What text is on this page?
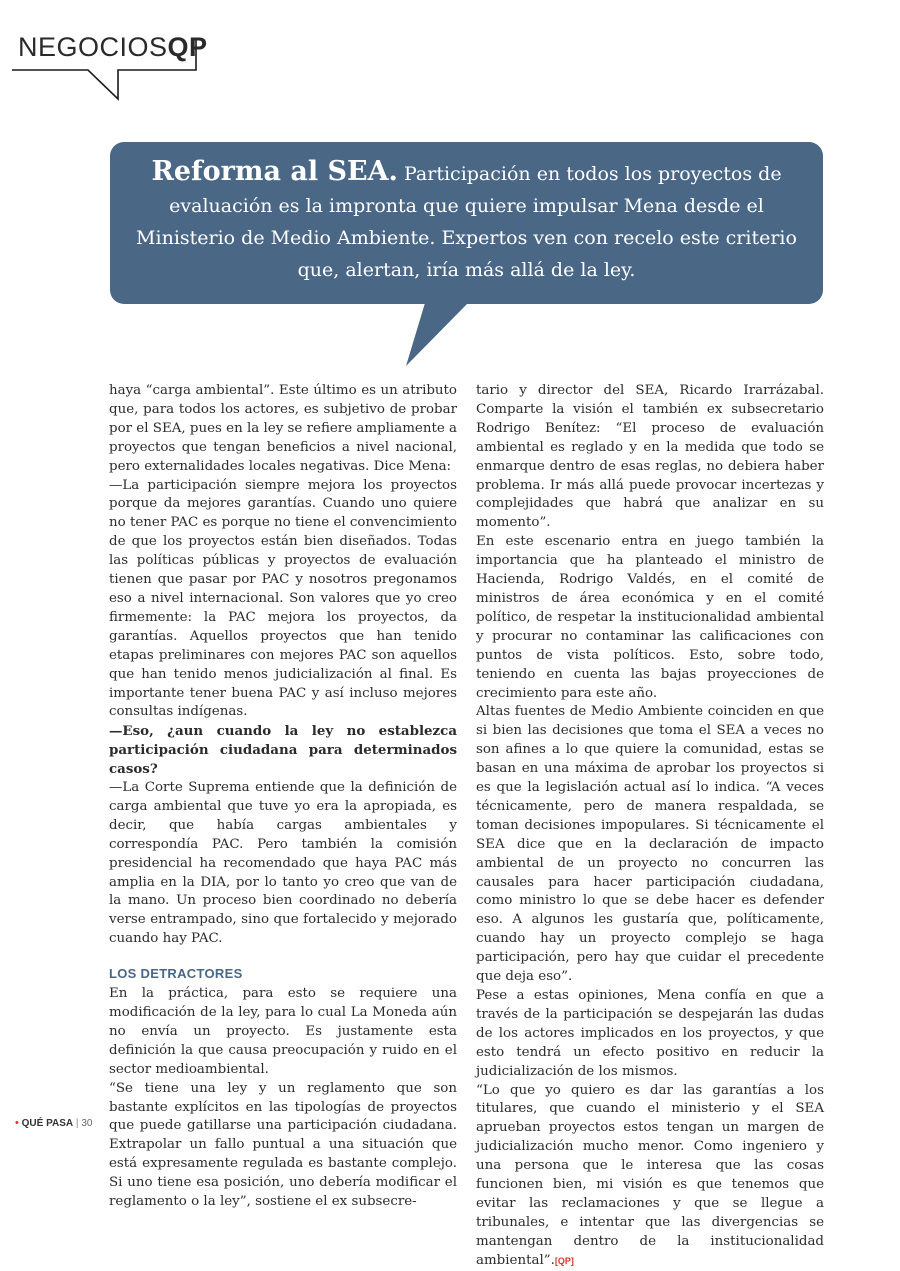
NEGOCIOSQP
Reforma al SEA. Participación en todos los proyectos de evaluación es la impronta que quiere impulsar Mena desde el Ministerio de Medio Ambiente. Expertos ven con recelo este criterio que, alertan, iría más allá de la ley.

haya “carga ambiental”. Este último es un atributo que, para todos los actores, es subjetivo de probar por el SEA, pues en la ley se refiere ampliamente a proyectos que tengan beneficios a nivel nacional, pero externalidades locales negativas. Dice Mena:

—La participación siempre mejora los proyectos porque da mejores garantías. Cuando uno quiere no tener PAC es porque no tiene el convencimiento de que los proyectos están bien diseñados. Todas las políticas públicas y proyectos de evaluación tienen que pasar por PAC y nosotros pregonamos eso a nivel internacional. Son valores que yo creo firmemente: la PAC mejora los proyectos, da garantías. Aquellos proyectos que han tenido etapas preliminares con mejores PAC son aquellos que han tenido menos judicialización al final. Es importante tener buena PAC y así incluso mejores consultas indígenas.

—Eso, ¿aun cuando la ley no establezca participación ciudadana para determinados casos?

—La Corte Suprema entiende que la definición de carga ambiental que tuve yo era la apropiada, es decir, que había cargas ambientales y correspondía PAC. Pero también la comisión presidencial ha recomendado que haya PAC más amplia en la DIA, por lo tanto yo creo que van de la mano. Un proceso bien coordinado no debería verse entrampado, sino que fortalecido y mejorado cuando hay PAC.

LOS DETRACTORES

En la práctica, para esto se requiere una modificación de la ley, para lo cual La Moneda aún no envía un proyecto. Es justamente esta definición la que causa preocupación y ruido en el sector medioambiental.

“Se tiene una ley y un reglamento que son bastante explícitos en las tipologías de proyectos que puede gatillarse una participación ciudadana. Extrapolar un fallo puntual a una situación que está expresamente regulada es bastante complejo. Si uno tiene esa posición, uno debería modificar el reglamento o la ley”, sostiene el ex subsecre-

tario y director del SEA, Ricardo Irarrázabal. Comparte la visión el también ex subsecretario Rodrigo Benítez: “El proceso de evaluación ambiental es reglado y en la medida que todo se enmarque dentro de esas reglas, no debiera haber problema. Ir más allá puede provocar incertezas y complejidades que habrá que analizar en su momento”.

En este escenario entra en juego también la importancia que ha planteado el ministro de Hacienda, Rodrigo Valdés, en el comité de ministros de área económica y en el comité político, de respetar la institucionalidad ambiental y procurar no contaminar las calificaciones con puntos de vista políticos. Esto, sobre todo, teniendo en cuenta las bajas proyecciones de crecimiento para este año.

Altas fuentes de Medio Ambiente coinciden en que si bien las decisiones que toma el SEA a veces no son afines a lo que quiere la comunidad, estas se basan en una máxima de aprobar los proyectos si es que la legislación actual así lo indica. “A veces técnicamente, pero de manera respaldada, se toman decisiones impopulares. Si técnicamente el SEA dice que en la declaración de impacto ambiental de un proyecto no concurren las causales para hacer participación ciudadana, como ministro lo que se debe hacer es defender eso. A algunos les gustaría que, políticamente, cuando hay un proyecto complejo se haga participación, pero hay que cuidar el precedente que deja eso”.

Pese a estas opiniones, Mena confía en que a través de la participación se despejarán las dudas de los actores implicados en los proyectos, y que esto tendrá un efecto positivo en reducir la judicialización de los mismos.

“Lo que yo quiero es dar las garantías a los titulares, que cuando el ministerio y el SEA aprueban proyectos estos tengan un margen de judicialización mucho menor. Como ingeniero y una persona que le interesa que las cosas funcionen bien, mi visión es que tenemos que evitar las reclamaciones y que se llegue a tribunales, e intentar que las divergencias se mantengan dentro de la institucionalidad ambiental”.[QP]

• QUÉ PASA | 30
